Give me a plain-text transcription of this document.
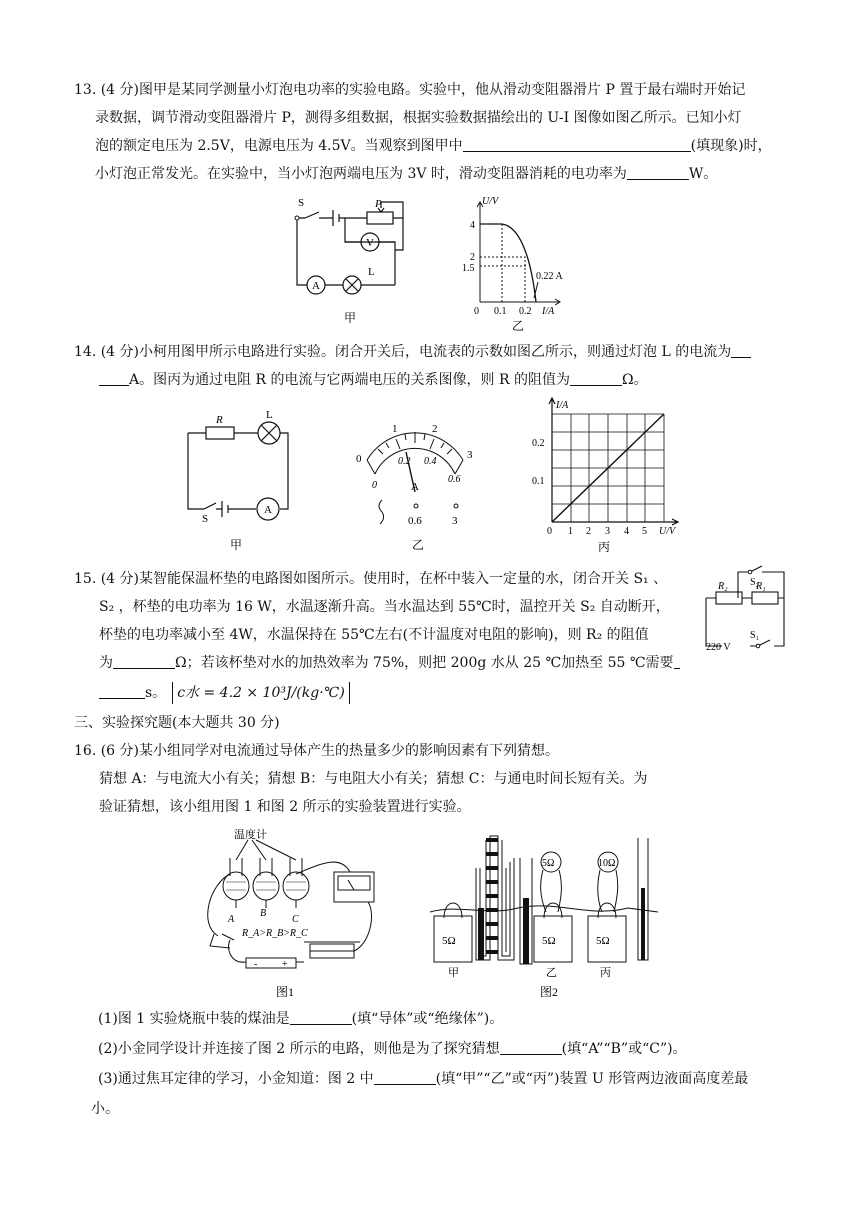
13. (4 分)图甲是某同学测量小灯泡电功率的实验电路。实验中，他从滑动变阻器滑片 P 置于最右端时开始记
录数据，调节滑动变阻器滑片 P，测得多组数据，根据实验数据描绘出的 U-I 图像如图乙所示。已知小灯
泡的额定电压为 2.5V，电源电压为 4.5V。当观察到图甲中	(填现象)时，
小灯泡正常发光。在实验中，当小灯泡两端电压为 3V 时，滑动变阻器消耗的电功率为	W。
S	P
V
A
L
甲
U/V
4
2
1.5
0 0.1 0.2 I/A
0.22 A
乙
14. (4 分)小柯用图甲所示电路进行实验。闭合开关后，电流表的示数如图乙所示，则通过灯泡 L 的电流为
A。图丙为通过电阻 R 的电流与它两端电压的关系图像，则 R 的阻值为	Ω。
R	L
S
A
甲
0
1	2
3
0
0.2 0.4
0.6
A
0.6	3
乙
I/A
0.2
0.1
0 1 2 3 4 5 U/V
丙
15. (4 分)某智能保温杯垫的电路图如图所示。使用时，在杯中装入一定量的水，闭合开关 S₁ 、
S₂ ，杯垫的电功率为 16 W，水温逐渐升高。当水温达到 55℃时，温控开关 S₂ 自动断开，
杯垫的电功率减小至 4W，水温保持在 55℃左右(不计温度对电阻的影响)，则 R₂ 的阻值
为	Ω；若该杯垫对水的加热效率为 75%，则把 200g 水从 25 ℃加热至 55 ℃需要
s。 c水 = 4.2 × 10³J/(kg·℃)
S₂
R₂	R₁
220 V
S₁
三、实验探究题(本大题共 30 分)
16. (6 分)某小组同学对电流通过导体产生的热量多少的影响因素有下列猜想。
猜想 A：与电流大小有关；猜想 B：与电阻大小有关；猜想 C：与通电时间长短有关。为
验证猜想，该小组用图 1 和图 2 所示的实验装置进行实验。
温度计
A
B
C
R_A>R_B>R_C
- +
图1
5Ω	10Ω
5Ω	5Ω	5Ω
甲	乙	丙
图2
(1)图 1 实验烧瓶中装的煤油是	(填“导体”或“绝缘体”)。
(2)小金同学设计并连接了图 2 所示的电路，则他是为了探究猜想	(填“A”“B”或“C”)。
(3)通过焦耳定律的学习，小金知道：图 2 中	(填“甲”“乙”或“丙”)装置 U 形管两边液面高度差最
小。
